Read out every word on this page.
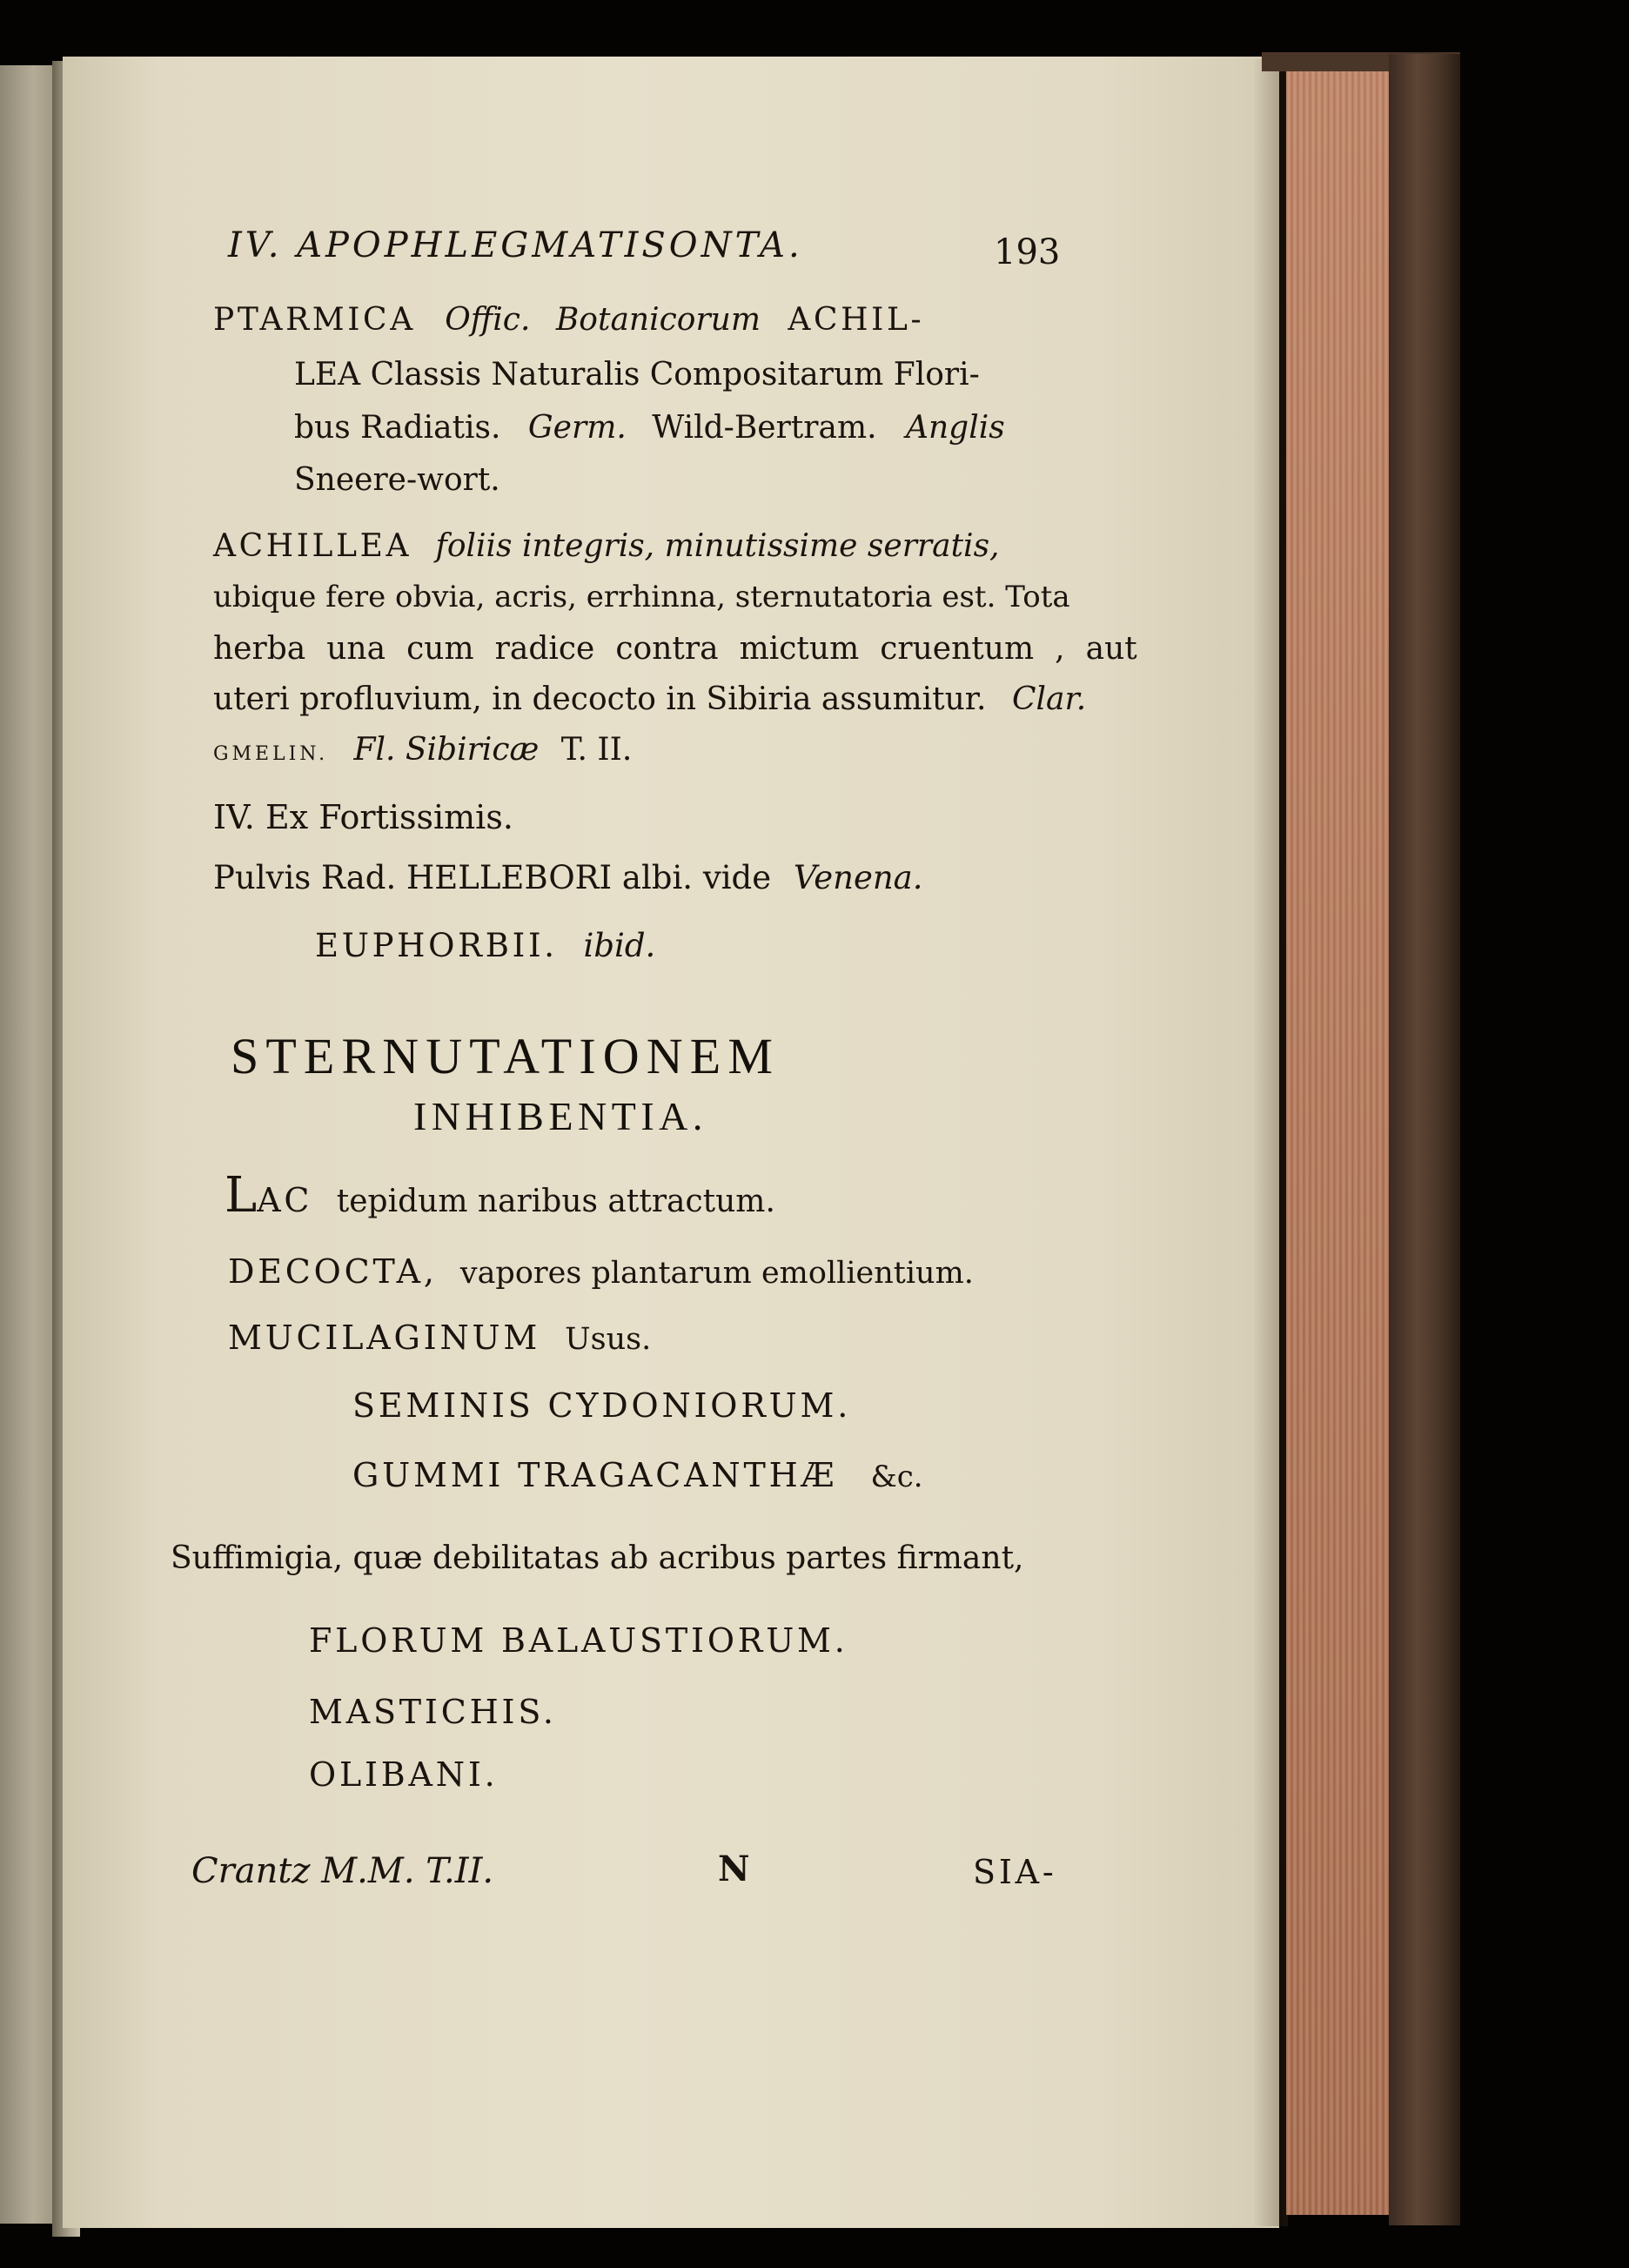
IV. APOPHLEGMATISONTA.	193
PTARMICA Offic. Botanicorum ACHIL-
LEA Classis Naturalis Compositarum Flori-
bus Radiatis. Germ. Wild-Bertram. Anglis
Sneere-wort.
ACHILLEA foliis integris, minutissime serratis,
ubique fere obvia, acris, errhinna, sternutatoria est. Tota
herba una cum radice contra mictum cruentum , aut
uteri profluvium, in decocto in Sibiria assumitur. Clar.
GMELIN. Fl. Sibiricæ T. II.
IV. Ex Fortissimis.
Pulvis Rad. HELLEBORI albi. vide Venena.
EUPHORBII. ibid.
STERNUTATIONEM
INHIBENTIA.
LAC tepidum naribus attractum.
DECOCTA, vapores plantarum emollientium.
MUCILAGINUM Usus.
SEMINIS CYDONIORUM.
GUMMI TRAGACANTHÆ &c.
Suffimigia, quæ debilitatas ab acribus partes firmant,
FLORUM BALAUSTIORUM.
MASTICHIS.
OLIBANI.
Crantz M.M. T.II.	N	SIA-
